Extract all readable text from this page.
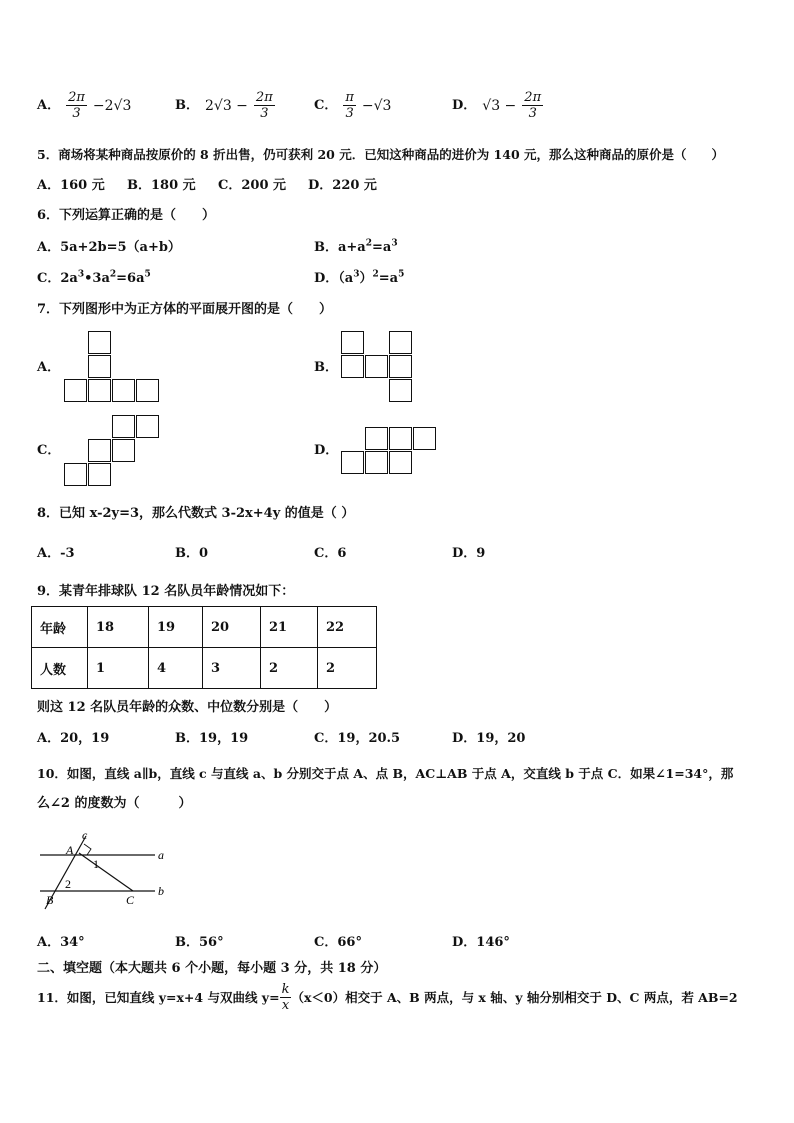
A． $\frac{2\pi}{3} -2√3$	B． $2√3 - \frac{2\pi}{3}$	C． $\frac{\pi}{3} -√3$	D． $√3 - \frac{2\pi}{3}$
5．商场将某种商品按原价的 8 折出售，仍可获利 20 元．已知这种商品的进价为 140 元，那么这种商品的原价是（　　）
A．160 元 B．180 元 C．200 元 D．220 元
6．下列运算正确的是（　　）
A．5a+2b=5（a+b）	B．$a+a^2=a^3$
C．$2a^3•3a^2=6a^5$	D．$(a^3)^2=a^5$
7．下列图形中为正方体的平面展开图的是（　　）
A．	B．
C．	D．
8．已知 x-2y=3，那么代数式 3-2x+4y 的值是（ ）
A．-3	B．0	C．6	D．9
9．某青年排球队 12 名队员年龄情况如下：
年龄	18	19	20	21	22
人数	1	4	3	2	2
则这 12 名队员年龄的众数、中位数分别是（　　）
A．20，19	B．19，19	C．19，20.5	D．19，20
10．如图，直线 a∥b，直线 c 与直线 a、b 分别交于点 A、点 B，AC⊥AB 于点 A，交直线 b 于点 C．如果∠1=34°，那
么∠2 的度数为（　　　）
c
a
b
A
B	C
1
2
A．34°	B．56°	C．66°	D．146°
二、填空题（本大题共 6 个小题，每小题 3 分，共 18 分）
11．如图，已知直线 y=x+4 与双曲线 $y= \frac{k}{x} (x<0)$相交于 A、B 两点，与 x 轴、y 轴分别相交于 D、C 两点，若 AB=2
